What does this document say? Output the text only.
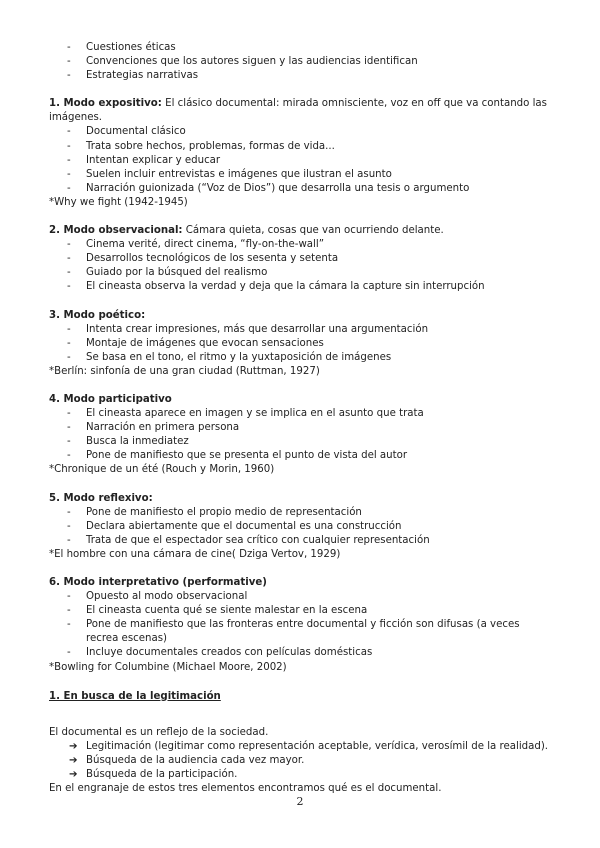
- Cuestiones éticas
- Convenciones que los autores siguen y las audiencias identifican
- Estrategias narrativas

1. Modo expositivo: El clásico documental: mirada omnisciente, voz en off que va contando las imágenes.

- Documental clásico
- Trata sobre hechos, problemas, formas de vida...
- Intentan explicar y educar
- Suelen incluir entrevistas e imágenes que ilustran el asunto
- Narración guionizada (“Voz de Dios”) que desarrolla una tesis o argumento

*Why we fight (1942-1945)

2. Modo observacional: Cámara quieta, cosas que van ocurriendo delante.

- Cinema verité, direct cinema, “fly-on-the-wall”
- Desarrollos tecnológicos de los sesenta y setenta
- Guiado por la búsqued del realismo
- El cineasta observa la verdad y deja que la cámara la capture sin interrupción

3. Modo poético:

- Intenta crear impresiones, más que desarrollar una argumentación
- Montaje de imágenes que evocan sensaciones
- Se basa en el tono, el ritmo y la yuxtaposición de imágenes

*Berlín: sinfonía de una gran ciudad (Ruttman, 1927)

4. Modo participativo

- El cineasta aparece en imagen y se implica en el asunto que trata
- Narración en primera persona
- Busca la inmediatez
- Pone de manifiesto que se presenta el punto de vista del autor

*Chronique de un été (Rouch y Morin, 1960)

5. Modo reflexivo:

- Pone de manifiesto el propio medio de representación
- Declara abiertamente que el documental es una construcción
- Trata de que el espectador sea crítico con cualquier representación

*El hombre con una cámara de cine( Dziga Vertov, 1929)

6. Modo interpretativo (performative)

- Opuesto al modo observacional
- El cineasta cuenta qué se siente malestar en la escena
- Pone de manifiesto que las fronteras entre documental y ficción son difusas (a veces recrea escenas)
- Incluye documentales creados con películas domésticas

*Bowling for Columbine (Michael Moore, 2002)

1. En busca de la legitimación

El documental es un reflejo de la sociedad.

➔ Legitimación (legitimar como representación aceptable, verídica, verosímil de la realidad).
➔ Búsqueda de la audiencia cada vez mayor.
➔ Búsqueda de la participación.

En el engranaje de estos tres elementos encontramos qué es el documental.

2
